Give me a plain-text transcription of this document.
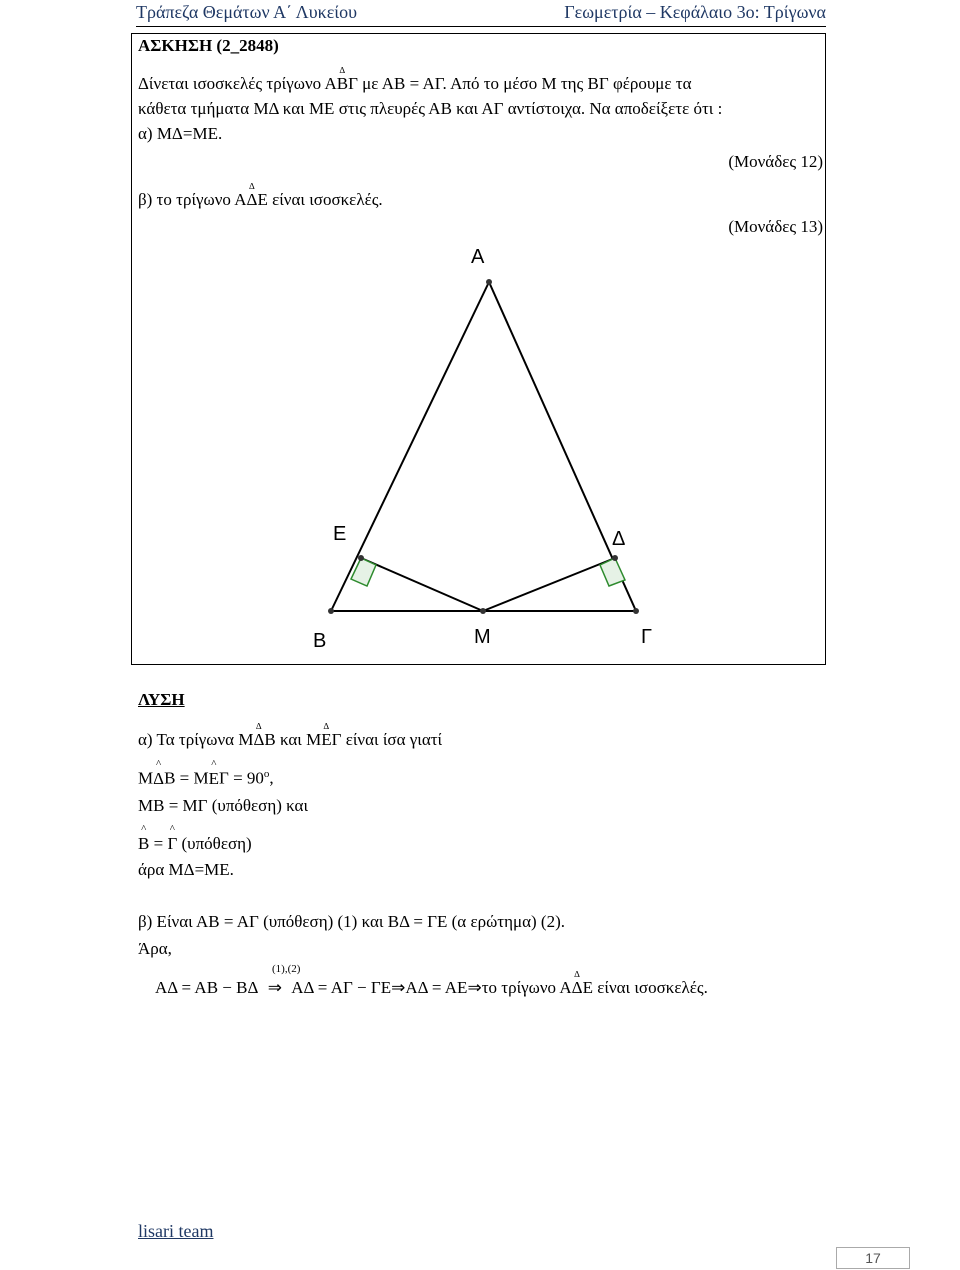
Τράπεζα Θεμάτων Α΄ Λυκείου	Γεωμετρία – Κεφάλαιο 3ο: Τρίγωνα
ΑΣΚΗΣΗ (2_2848)
Δίνεται ισοσκελές τρίγωνο Α∆ ΒΓ με ΑΒ = ΑΓ. Από το μέσο Μ της ΒΓ φέρουμε τα
κάθετα τμήματα ΜΔ και ΜΕ στις πλευρές ΑΒ και ΑΓ αντίστοιχα. Να αποδείξετε ότι :
α) ΜΔ=ΜΕ.
(Μονάδες 12)
β) το τρίγωνο Α∆ ΔΕ είναι ισοσκελές.
(Μονάδες 13)
Α
Ε	Δ
Β	Μ	Γ
ΛΥΣΗ
α) Τα τρίγωνα Μ∆ ΔΒ και Μ∆ ΕΓ είναι ίσα γιατί
Μ^ ΔΒ = Μ^ $E\Gamma = 90^o$,
ΜΒ = ΜΓ (υπόθεση) και
^ Β = ^ Γ (υπόθεση)
άρα ΜΔ=ΜΕ.
β) Είναι ΑΒ = ΑΓ (υπόθεση) (1) και ΒΔ = ΓΕ (α ερώτημα) (2).
Άρα,
(1),(2)
ΑΔ = ΑΒ − ΒΔ ⇒ ΑΔ = ΑΓ − ΓΕ⇒ΑΔ = ΑΕ⇒το τρίγωνο Α∆ ΔΕ είναι ισοσκελές.
lisari team
17
